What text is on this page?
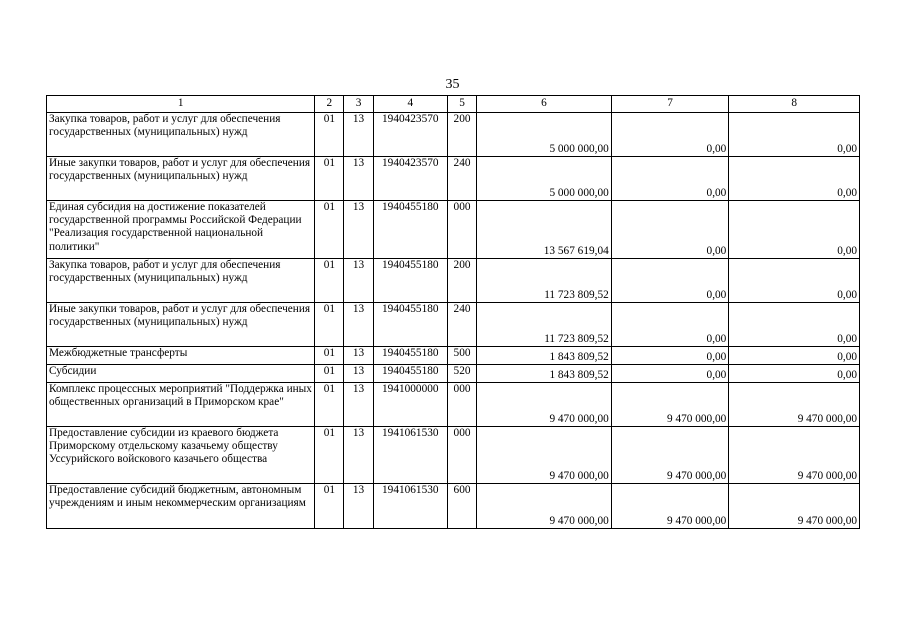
35
1	2	3	4	5	6	7	8
Закупка товаров, работ и услуг для обеспечения государственных (муниципальных) нужд	01	13	1940423570	200	5 000 000,00	0,00	0,00
Иные закупки товаров, работ и услуг для обеспечения государственных (муниципальных) нужд	01	13	1940423570	240	5 000 000,00	0,00	0,00
Единая субсидия на достижение показателей государственной программы Российской Федерации "Реализация государственной национальной политики"	01	13	1940455180	000	13 567 619,04	0,00	0,00
Закупка товаров, работ и услуг для обеспечения государственных (муниципальных) нужд	01	13	1940455180	200	11 723 809,52	0,00	0,00
Иные закупки товаров, работ и услуг для обеспечения государственных (муниципальных) нужд	01	13	1940455180	240	11 723 809,52	0,00	0,00
Межбюджетные трансферты	01	13	1940455180	500	1 843 809,52	0,00	0,00
Субсидии	01	13	1940455180	520	1 843 809,52	0,00	0,00
Комплекс процессных мероприятий "Поддержка иных общественных организаций в Приморском крае"	01	13	1941000000	000	9 470 000,00	9 470 000,00	9 470 000,00
Предоставление субсидии из краевого бюджета Приморскому отдельскому казачьему обществу Уссурийского войскового казачьего общества	01	13	1941061530	000	9 470 000,00	9 470 000,00	9 470 000,00
Предоставление субсидий бюджетным, автономным учреждениям и иным некоммерческим организациям	01	13	1941061530	600	9 470 000,00	9 470 000,00	9 470 000,00
